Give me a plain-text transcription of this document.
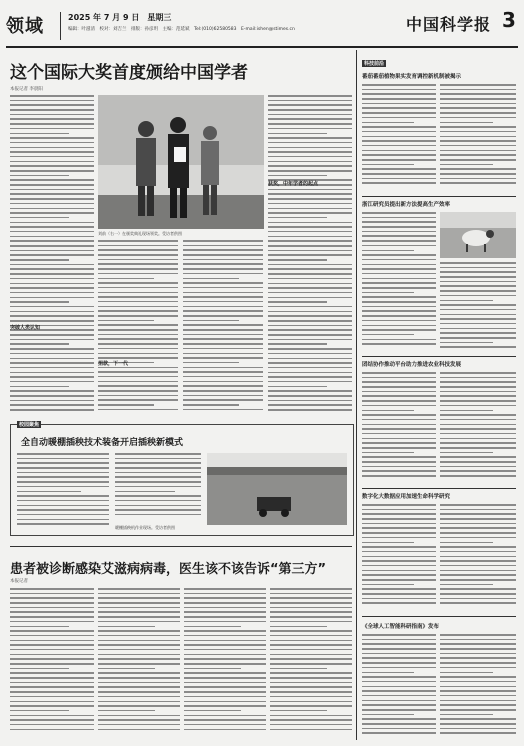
领域	2025 年 7 月 9 日　星期三
编辑：叶滋清　校对：刘吉兰　排版：孙彦玥　主编：范延斌　Tel:(010)62580583　E-mail:ishen@stimes.cn	中国科学报 3
这个国际大奖首度颁给中国学者
本报记者 李晨阳
刘前（右一）在颁奖典礼现场领奖。受访者供图
突破人类认知
获奖，中年学者的起点
捐款，下一代
校园聚焦
全自动暖棚插秧技术装备开启插秧新模式
暖棚插秧机作业现场。受访者供图
患者被诊断感染艾滋病病毒，医生该不该告诉“第三方”
本报记者
科技前沿
番茄番茄植物果实发育调控新机制被揭示
浙江研究员提出新方法提高生产效率
团结协作推动平台助力推进农业科技发展
数字化大数据应用加速生命科学研究
《全球人工智能科研指南》发布
